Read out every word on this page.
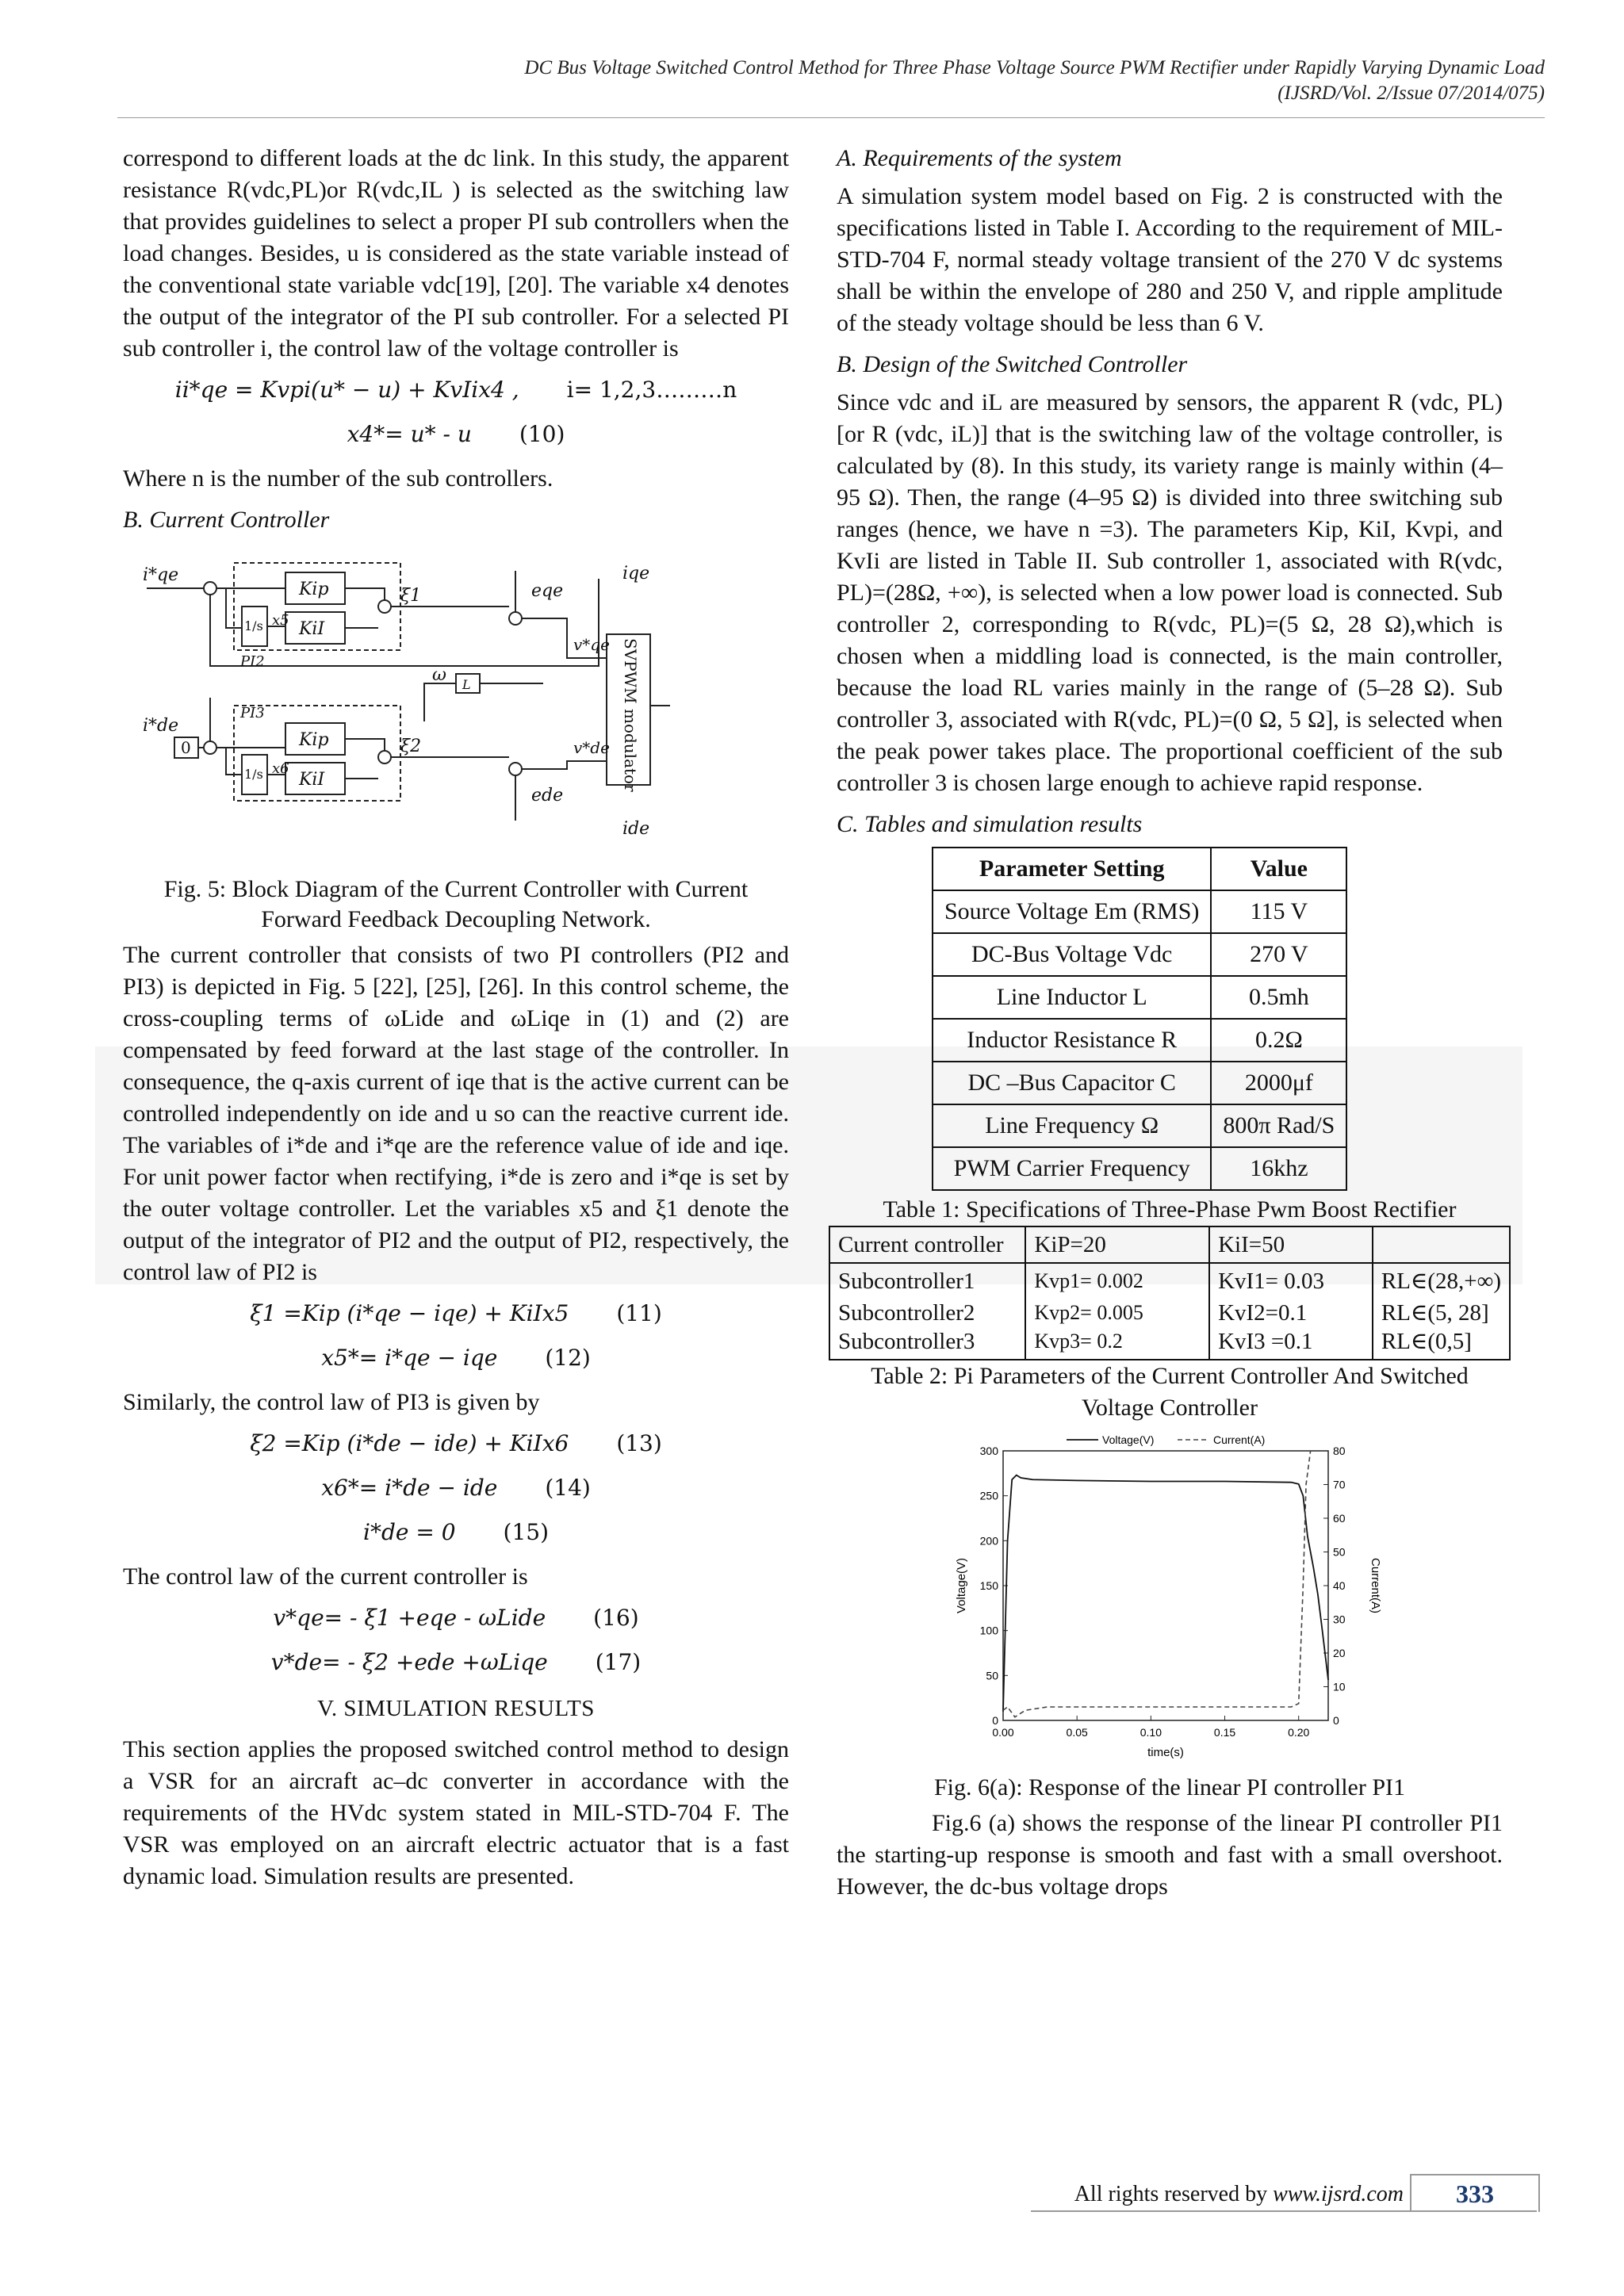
DC Bus Voltage Switched Control Method for Three Phase Voltage Source PWM Rectifier under Rapidly Varying Dynamic Load
(IJSRD/Vol. 2/Issue 07/2014/075)

correspond to different loads at the dc link. In this study, the apparent resistance R(vdc,PL)or R(vdc,IL ) is selected as the switching law that provides guidelines to select a proper PI sub controllers when the load changes. Besides, u is considered as the state variable instead of the conventional state variable vdc[19], [20]. The variable x4 denotes the output of the integrator of the PI sub controller. For a selected PI sub controller i, the control law of the voltage controller is

ii*qe = Kvpi(u* − u) + KvIix4 , i= 1,2,3………n
x4*= u* - u (10)

Where n is the number of the sub controllers.

B. Current Controller
i*qe	iqe
eqe
Kip
KiI
PI2
1/s x5
ξ1
ω L
v*qe
v*de SVPWM modulator
PI3
i*de
0	Kip
KiI
1/s x6
ξ2
ede
ide
Fig. 5: Block Diagram of the Current Controller with Current Forward Feedback Decoupling Network.

The current controller that consists of two PI controllers (PI2 and PI3) is depicted in Fig. 5 [22], [25], [26]. In this control scheme, the cross-coupling terms of ωLide and ωLiqe in (1) and (2) are compensated by feed forward at the last stage of the controller. In consequence, the q-axis current of iqe that is the active current can be controlled independently on ide and u so can the reactive current ide. The variables of i*de and i*qe are the reference value of ide and iqe. For unit power factor when rectifying, i*de is zero and i*qe is set by the outer voltage controller. Let the variables x5 and ξ1 denote the output of the integrator of PI2 and the output of PI2, respectively, the control law of PI2 is

ξ1 =Kip (i*qe − iqe) + KiIx5 (11)
x5*= i*qe − iqe (12)

Similarly, the control law of PI3 is given by

ξ2 =Kip (i*de − ide) + KiIx6 (13)
x6*= i*de − ide (14)
i*de = 0 (15)

The control law of the current controller is

v*qe= - ξ1 +eqe - ωLide (16)
v*de= - ξ2 +ede +ωLiqe (17)
V. SIMULATION RESULTS

This section applies the proposed switched control method to design a VSR for an aircraft ac–dc converter in accordance with the requirements of the HVdc system stated in MIL-STD-704 F. The VSR was employed on an aircraft electric actuator that is a fast dynamic load. Simulation results are presented.

A. Requirements of the system

A simulation system model based on Fig. 2 is constructed with the specifications listed in Table I. According to the requirement of MIL-STD-704 F, normal steady voltage transient of the 270 V dc systems shall be within the envelope of 280 and 250 V, and ripple amplitude of the steady voltage should be less than 6 V.

B. Design of the Switched Controller

Since vdc and iL are measured by sensors, the apparent R (vdc, PL) [or R (vdc, iL)] that is the switching law of the voltage controller, is calculated by (8). In this study, its variety range is mainly within (4–95 Ω). Then, the range (4–95 Ω) is divided into three switching sub ranges (hence, we have n =3). The parameters Kip, KiI, Kvpi, and KvIi are listed in Table II. Sub controller 1, associated with R(vdc, PL)=(28Ω, +∞), is selected when a low power load is connected. Sub controller 2, corresponding to R(vdc, PL)=(5 Ω, 28 Ω),which is chosen when a middling load is connected, is the main controller, because the load RL varies mainly in the range of (5–28 Ω). Sub controller 3, associated with R(vdc, PL)=(0 Ω, 5 Ω], is selected when the peak power takes place. The proportional coefficient of the sub controller 3 is chosen large enough to achieve rapid response.

C. Tables and simulation results
Parameter Setting	Value
Source Voltage Em (RMS)	115 V
DC-Bus Voltage Vdc	270 V
Line Inductor L	0.5mh
Inductor Resistance R	0.2Ω
DC –Bus Capacitor C	2000μf
Line Frequency Ω	800π Rad/S
PWM Carrier Frequency	16khz
Table 1: Specifications of Three-Phase Pwm Boost Rectifier
Current controller	KiP=20	KiI=50	
Subcontroller1	Kvp1= 0.002	KvI1= 0.03	RL∈(28,+∞)
Subcontroller2	Kvp2= 0.005	KvI2=0.1	RL∈(5, 28]
Subcontroller3	Kvp3= 0.2	KvI3 =0.1	RL∈(0,5]
Table 2: Pi Parameters of the Current Controller And Switched Voltage Controller
0.00	0.05	0.10	0.15	0.20
0
50
100
150
200
250
300
0
10
20
30
40
50
60
70
80
time(s)
Voltage(V)	Current(A)
Voltage(V)	Current(A)
Fig. 6(a): Response of the linear PI controller PI1

Fig.6 (a) shows the response of the linear PI controller PI1 the starting-up response is smooth and fast with a small overshoot. However, the dc-bus voltage drops

All rights reserved by www.ijsrd.com	333
